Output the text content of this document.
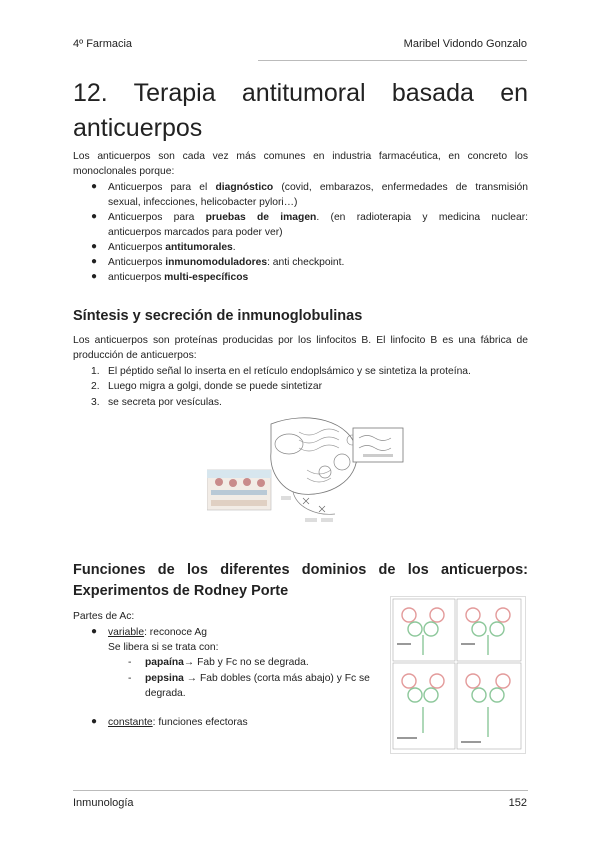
4º Farmacia	Maribel Vidondo Gonzalo
12. Terapia antitumoral basada en
anticuerpos
Los anticuerpos son cada vez más comunes en industria farmacéutica, en concreto los monoclonales porque:
● Anticuerpos para el diagnóstico (covid, embarazos, enfermedades de transmisión
sexual, infecciones, helicobacter pylori…)
● Anticuerpos para pruebas de imagen. (en radioterapia y medicina nuclear:
anticuerpos marcados para poder ver)
● Anticuerpos antitumorales.
● Anticuerpos inmunomoduladores: anti checkpoint.
● anticuerpos multi-específicos
Síntesis y secreción de inmunoglobulinas
Los anticuerpos son proteínas producidas por los linfocitos B. El linfocito B es una fábrica de producción de anticuerpos:
1. El péptido señal lo inserta en el retículo endoplsámico y se sintetiza la proteína.
2. Luego migra a golgi, donde se puede sintetizar
3. se secreta por vesículas.
Funciones de los diferentes dominios de los anticuerpos:
Experimentos de Rodney Porte
Partes de Ac:
● variable: reconoce Ag
Se libera si se trata con:
- papaína→ Fab y Fc no se degrada.
- pepsina → Fab dobles (corta más abajo) y Fc se
degrada.
● constante: funciones efectoras
Inmunología	152
